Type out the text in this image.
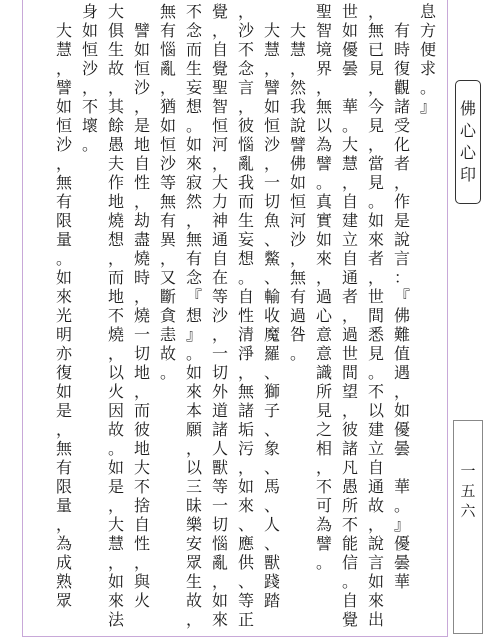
息
方
便
求
。
』

有
時
復
觀
諸
受
化
者
，
作
是
說
言
：
『
佛
難
值
遇
，
如
優
曇

華
。
』
優
曇
華
，
無
已
見
，
今
見
，
當
見
。
如
來
者
，
世
間
悉
見
。
不
以
建
立
自
通
故
，
說
言
如
來
出
世
如
優
曇

華
。
大
慧
，
自
建
立
自
通
者
，
過
世
間
望
，
彼
諸
凡
愚
所
不
能
信
。
自
覺
聖
智
境
界
，
無
以
為
譬
。
真
實
如
來
，
過
心
意
意
識
所
見
之
相
，
不
可
為
譬
。

大
慧
，
然
我
說
譬
佛
如
恒
河
沙
，
無
有
過
咎
。

大
慧
，
譬
如
恒
沙
，
一
切
魚
、
鱉
、
輸
收
魔
羅
、
獅
子
、
象
、
馬
、
人
、
獸
踐
踏
，
沙
不
念
言
，
彼
惱
亂
我
而
生
妄
想
。
自
性
清
淨
，
無
諸
垢
污
，
如
來
、
應
供
、
等
正
覺
，
自
覺
聖
智
恒
河
，
大
力
神
通
自
在
等
沙
，
一
切
外
道
諸
人
獸
等
一
切
惱
亂
，
如
來
不
念
而
生
妄
想
。
如
來
寂
然
，
無
有
念
『
想
』
。
如
來
本
願
，
以
三
昧
樂
安
眾
生
故
，
無
有
惱
亂
，
猶
如
恒
沙
等
無
有
異
，
又
斷
貪
恚
故
。

譬
如
恒
沙
，
是
地
自
性
，
劫
盡
燒
時
，
燒
一
切
地
，
而
彼
地
大
不
捨
自
性
，
與
火
大
俱
生
故
，
其
餘
愚
夫
作
地
燒
想
，
而
地
不
燒
，
以
火
因
故
。
如
是
，
大
慧
，
如
來
法
身
如
恒
沙
，
不
壞
。

大
慧
，
譬
如
恒
沙
，
無
有
限
量
。
如
來
光
明
亦
復
如
是
，
無
有
限
量
，
為
成
熟
眾
佛
心
心
印
一
五
六
